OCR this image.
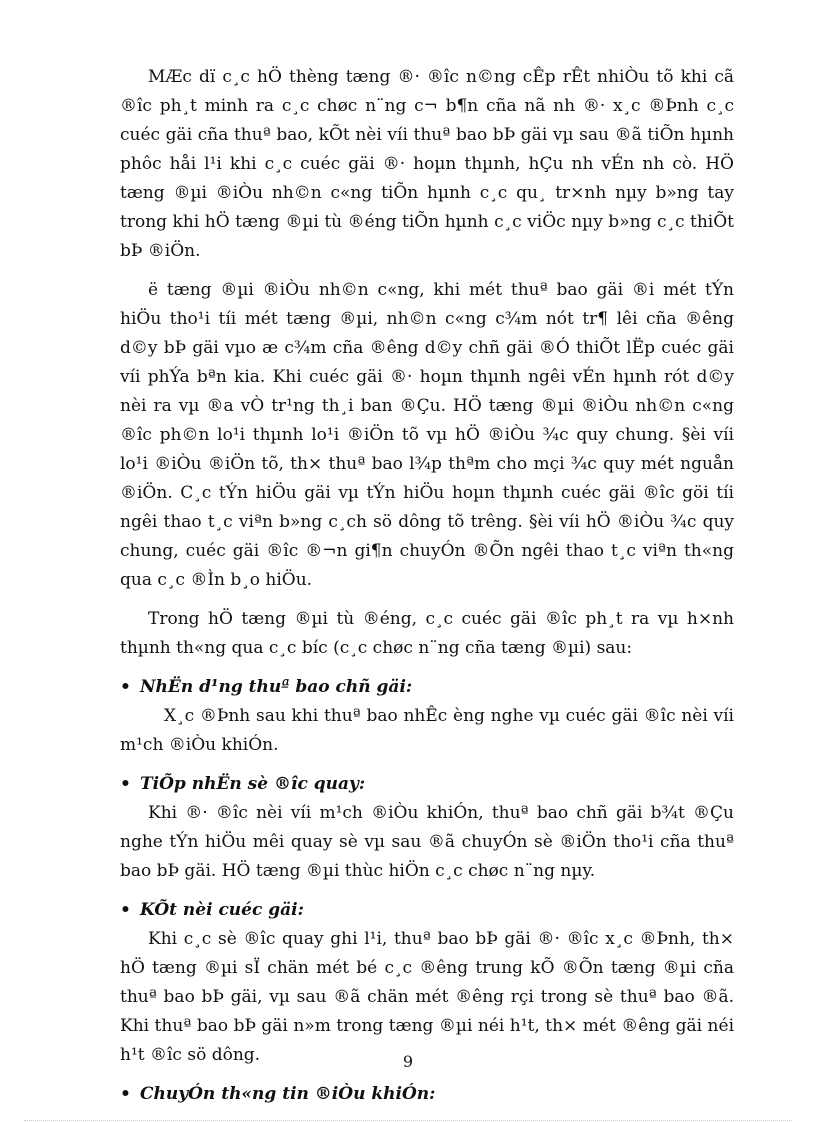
MÆc dï c¸c hÖ thèng tæng ®· ®îc n©ng cÊp rÊt nhiÒu tõ khi cã ®îc ph¸t minh ra c¸c chøc n¨ng c¬ b¶n cña nã nh ®· x¸c ®Þnh c¸c cuéc gäi cña thuª bao, kÕt nèi víi thuª bao bÞ gäi vµ sau ®ã tiÕn hµnh phôc håi l¹i khi c¸c cuéc gäi ®· hoµn thµnh, hÇu nh vÉn nh cò. HÖ tæng ®µi ®iÒu nh©n c«ng tiÕn hµnh c¸c qu¸ tr×nh nµy b»ng tay trong khi hÖ tæng ®µi tù ®éng tiÕn hµnh c¸c viÖc nµy b»ng c¸c thiÕt bÞ ®iÖn.

ë tæng ®µi ®iÒu nh©n c«ng, khi mét thuª bao gäi ®i mét tÝn hiÖu tho¹i tíi mét tæng ®µi, nh©n c«ng c¾m nót tr¶ lêi cña ®êng d©y bÞ gäi vµo æ c¾m cña ®êng d©y chñ gäi ®Ó thiÕt lËp cuéc gäi víi phÝa bªn kia. Khi cuéc gäi ®· hoµn thµnh ngêi vÉn hµnh rót d©y nèi ra vµ ®a vÒ tr¹ng th¸i ban ®Çu. HÖ tæng ®µi ®iÒu nh©n c«ng ®îc ph©n lo¹i thµnh lo¹i ®iÖn tõ vµ hÖ ®iÒu ¾c quy chung. §èi víi lo¹i ®iÒu ®iÖn tõ, th× thuª bao l¾p thªm cho mçi ¾c quy mét nguån ®iÖn. C¸c tÝn hiÖu gäi vµ tÝn hiÖu hoµn thµnh cuéc gäi ®îc göi tíi ngêi thao t¸c viªn b»ng c¸ch sö dông tõ trêng. §èi víi hÖ ®iÒu ¾c quy chung, cuéc gäi ®îc ®¬n gi¶n chuyÓn ®Õn ngêi thao t¸c viªn th«ng qua c¸c ®Ìn b¸o hiÖu.

Trong hÖ tæng ®µi tù ®éng, c¸c cuéc gäi ®îc ph¸t ra vµ h×nh thµnh th«ng qua c¸c bíc (c¸c chøc n¨ng cña tæng ®µi) sau:

• NhËn d¹ng thuª bao chñ gäi:

X¸c ®Þnh sau khi thuª bao nhÊc èng nghe vµ cuéc gäi ®îc nèi víi m¹ch ®iÒu khiÓn.

• TiÕp nhËn sè ®îc quay:

Khi ®· ®îc nèi víi m¹ch ®iÒu khiÓn, thuª bao chñ gäi b¾t ®Çu nghe tÝn hiÖu mêi quay sè vµ sau ®ã chuyÓn sè ®iÖn tho¹i cña thuª bao bÞ gäi. HÖ tæng ®µi thùc hiÖn c¸c chøc n¨ng nµy.

• KÕt nèi cuéc gäi:

Khi c¸c sè ®îc quay ghi l¹i, thuª bao bÞ gäi ®· ®îc x¸c ®Þnh, th× hÖ tæng ®µi sÏ chän mét bé c¸c ®êng trung kÕ ®Õn tæng ®µi cña thuª bao bÞ gäi, vµ sau ®ã chän mét ®êng rçi trong sè thuª bao ®ã. Khi thuª bao bÞ gäi n»m trong tæng ®µi néi h¹t, th× mét ®êng gäi néi h¹t ®îc sö dông.

• ChuyÓn th«ng tin ®iÒu khiÓn:
9
